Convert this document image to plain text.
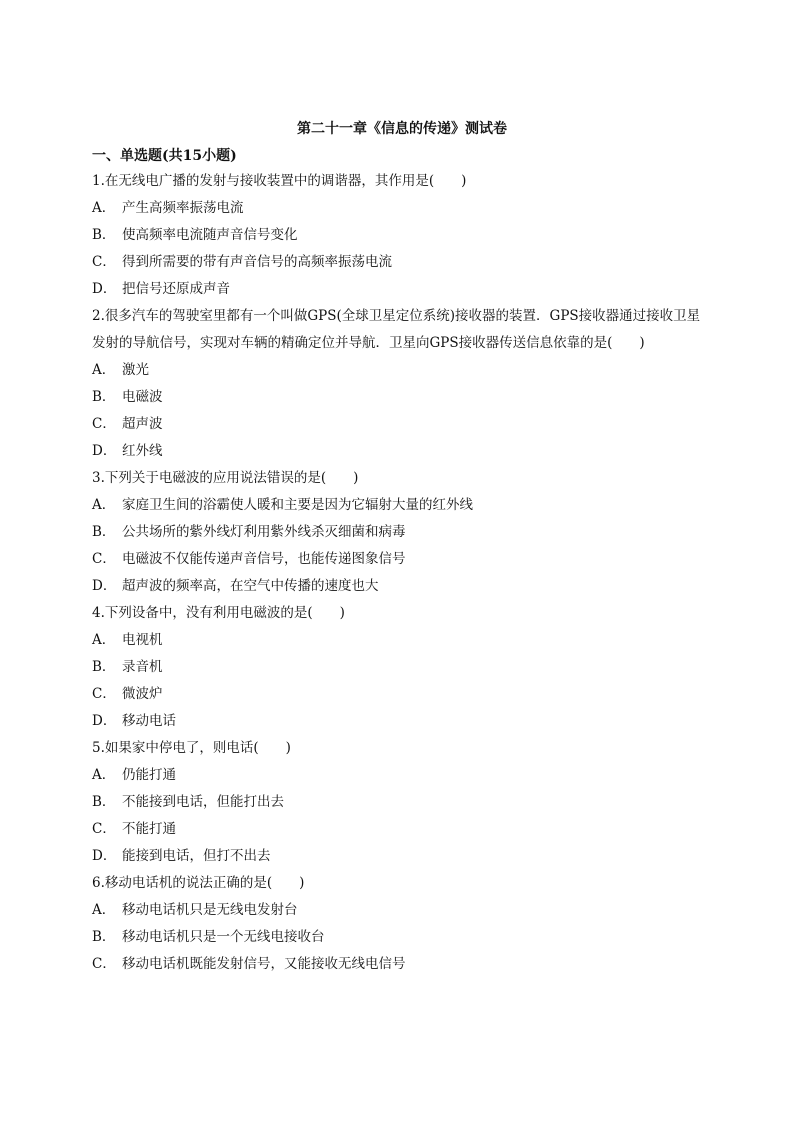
第二十一章《信息的传递》测试卷
一、单选题(共15小题)

1.在无线电广播的发射与接收装置中的调谐器，其作用是(　　)

A． 产生高频率振荡电流
B． 使高频率电流随声音信号变化
C． 得到所需要的带有声音信号的高频率振荡电流
D． 把信号还原成声音

2.很多汽车的驾驶室里都有一个叫做GPS(全球卫星定位系统)接收器的装置．GPS接收器通过接收卫星发射的导航信号，实现对车辆的精确定位并导航．卫星向GPS接收器传送信息依靠的是(　　)

A． 激光
B． 电磁波
C． 超声波
D． 红外线

3.下列关于电磁波的应用说法错误的是(　　)

A． 家庭卫生间的浴霸使人暖和主要是因为它辐射大量的红外线
B． 公共场所的紫外线灯利用紫外线杀灭细菌和病毒
C． 电磁波不仅能传递声音信号，也能传递图象信号
D． 超声波的频率高，在空气中传播的速度也大

4.下列设备中，没有利用电磁波的是(　　)

A． 电视机
B． 录音机
C． 微波炉
D． 移动电话

5.如果家中停电了，则电话(　　)

A． 仍能打通
B． 不能接到电话，但能打出去
C． 不能打通
D． 能接到电话，但打不出去

6.移动电话机的说法正确的是(　　)

A． 移动电话机只是无线电发射台
B． 移动电话机只是一个无线电接收台
C． 移动电话机既能发射信号，又能接收无线电信号
